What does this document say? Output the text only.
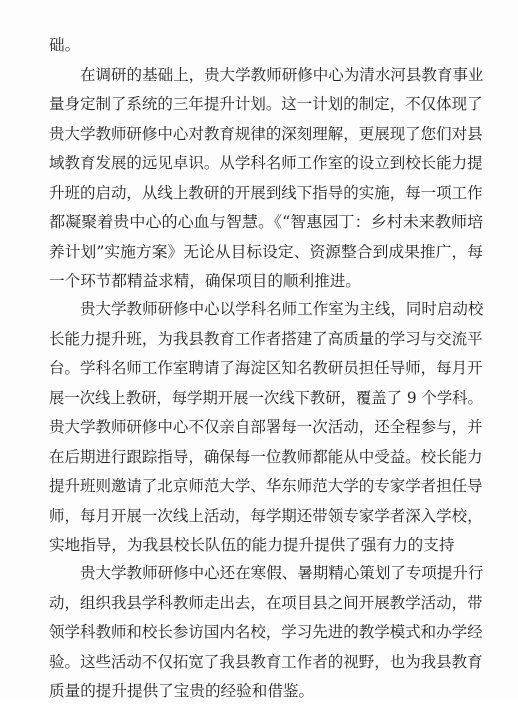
础。
在调研的基础上，贵大学教师研修中心为清水河县教育事业
量身定制了系统的三年提升计划。这一计划的制定，不仅体现了
贵大学教师研修中心对教育规律的深刻理解，更展现了您们对县
域教育发展的远见卓识。从学科名师工作室的设立到校长能力提
升班的启动，从线上教研的开展到线下指导的实施，每一项工作
都凝聚着贵中心的心血与智慧。《“智惠园丁：乡村未来教师培
养计划”实施方案》无论从目标设定、资源整合到成果推广，每
一个环节都精益求精，确保项目的顺利推进。
贵大学教师研修中心以学科名师工作室为主线，同时启动校
长能力提升班，为我县教育工作者搭建了高质量的学习与交流平
台。学科名师工作室聘请了海淀区知名教研员担任导师，每月开
展一次线上教研，每学期开展一次线下教研，覆盖了 9 个学科。
贵大学教师研修中心不仅亲自部署每一次活动，还全程参与，并
在后期进行跟踪指导，确保每一位教师都能从中受益。校长能力
提升班则邀请了北京师范大学、华东师范大学的专家学者担任导
师，每月开展一次线上活动，每学期还带领专家学者深入学校，
实地指导，为我县校长队伍的能力提升提供了强有力的支持
贵大学教师研修中心还在寒假、暑期精心策划了专项提升行
动，组织我县学科教师走出去，在项目县之间开展教学活动，带
领学科教师和校长参访国内名校，学习先进的教学模式和办学经
验。这些活动不仅拓宽了我县教育工作者的视野，也为我县教育
质量的提升提供了宝贵的经验和借鉴。
